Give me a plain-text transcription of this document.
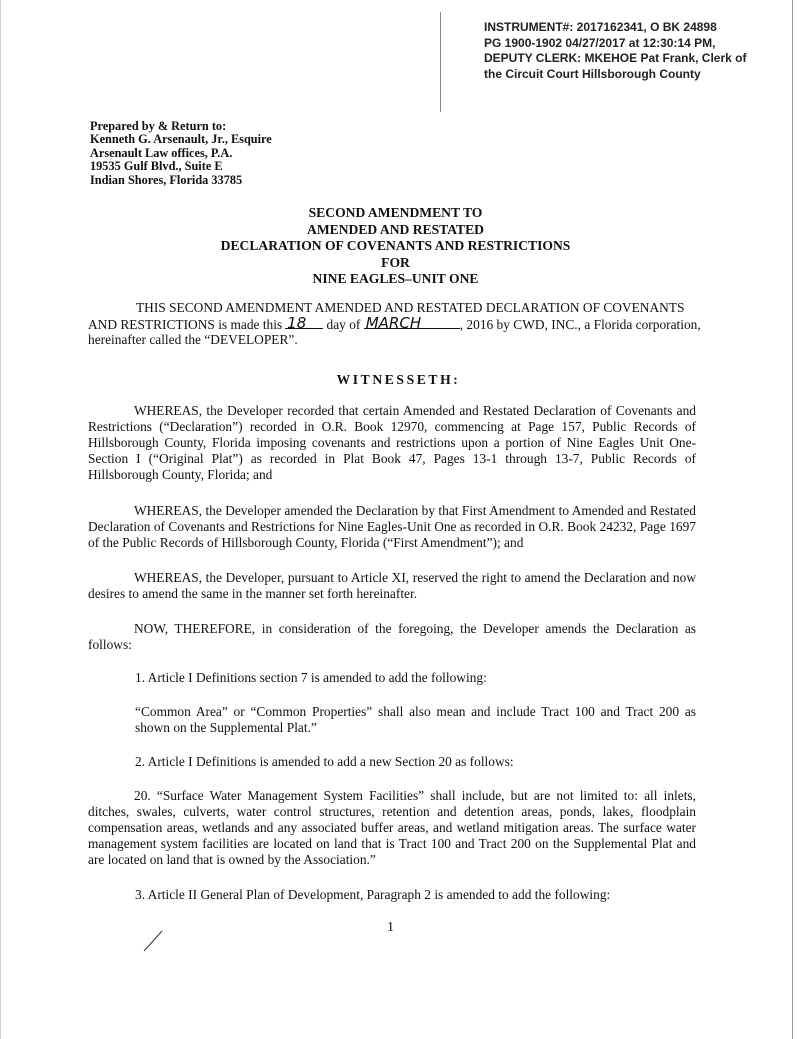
INSTRUMENT#: 2017162341, O BK 24898
PG 1900-1902 04/27/2017 at 12:30:14 PM,
DEPUTY CLERK: MKEHOE Pat Frank, Clerk of
the Circuit Court Hillsborough County
Prepared by & Return to:
Kenneth G. Arsenault, Jr., Esquire
Arsenault Law offices, P.A.
19535 Gulf Blvd., Suite E
Indian Shores, Florida 33785
SECOND AMENDMENT TO
AMENDED AND RESTATED
DECLARATION OF COVENANTS AND RESTRICTIONS
FOR
NINE EAGLES–UNIT ONE
THIS SECOND AMENDMENT AMENDED AND RESTATED DECLARATION OF COVENANTS
AND RESTRICTIONS is made this 18 day of MARCH	, 2016 by CWD, INC., a Florida corporation,
hereinafter called the “DEVELOPER”.
WITNESSETH:
WHEREAS, the Developer recorded that certain Amended and Restated Declaration of Covenants and Restrictions (“Declaration”) recorded in O.R. Book 12970, commencing at Page 157, Public Records of Hillsborough County, Florida imposing covenants and restrictions upon a portion of Nine Eagles Unit One-Section I (“Original Plat”) as recorded in Plat Book 47, Pages 13-1 through 13-7, Public Records of Hillsborough County, Florida; and
WHEREAS, the Developer amended the Declaration by that First Amendment to Amended and Restated Declaration of Covenants and Restrictions for Nine Eagles-Unit One as recorded in O.R. Book 24232, Page 1697 of the Public Records of Hillsborough County, Florida (“First Amendment”); and
WHEREAS, the Developer, pursuant to Article XI, reserved the right to amend the Declaration and now desires to amend the same in the manner set forth hereinafter.
NOW, THEREFORE, in consideration of the foregoing, the Developer amends the Declaration as follows:
1. Article I Definitions section 7 is amended to add the following:
“Common Area” or “Common Properties” shall also mean and include Tract 100 and Tract 200 as shown on the Supplemental Plat.”
2. Article I Definitions is amended to add a new Section 20 as follows:
20. “Surface Water Management System Facilities” shall include, but are not limited to: all inlets, ditches, swales, culverts, water control structures, retention and detention areas, ponds, lakes, floodplain compensation areas, wetlands and any associated buffer areas, and wetland mitigation areas. The surface water management system facilities are located on land that is Tract 100 and Tract 200 on the Supplemental Plat and are located on land that is owned by the Association.”
3. Article II General Plan of Development, Paragraph 2 is amended to add the following:
1
